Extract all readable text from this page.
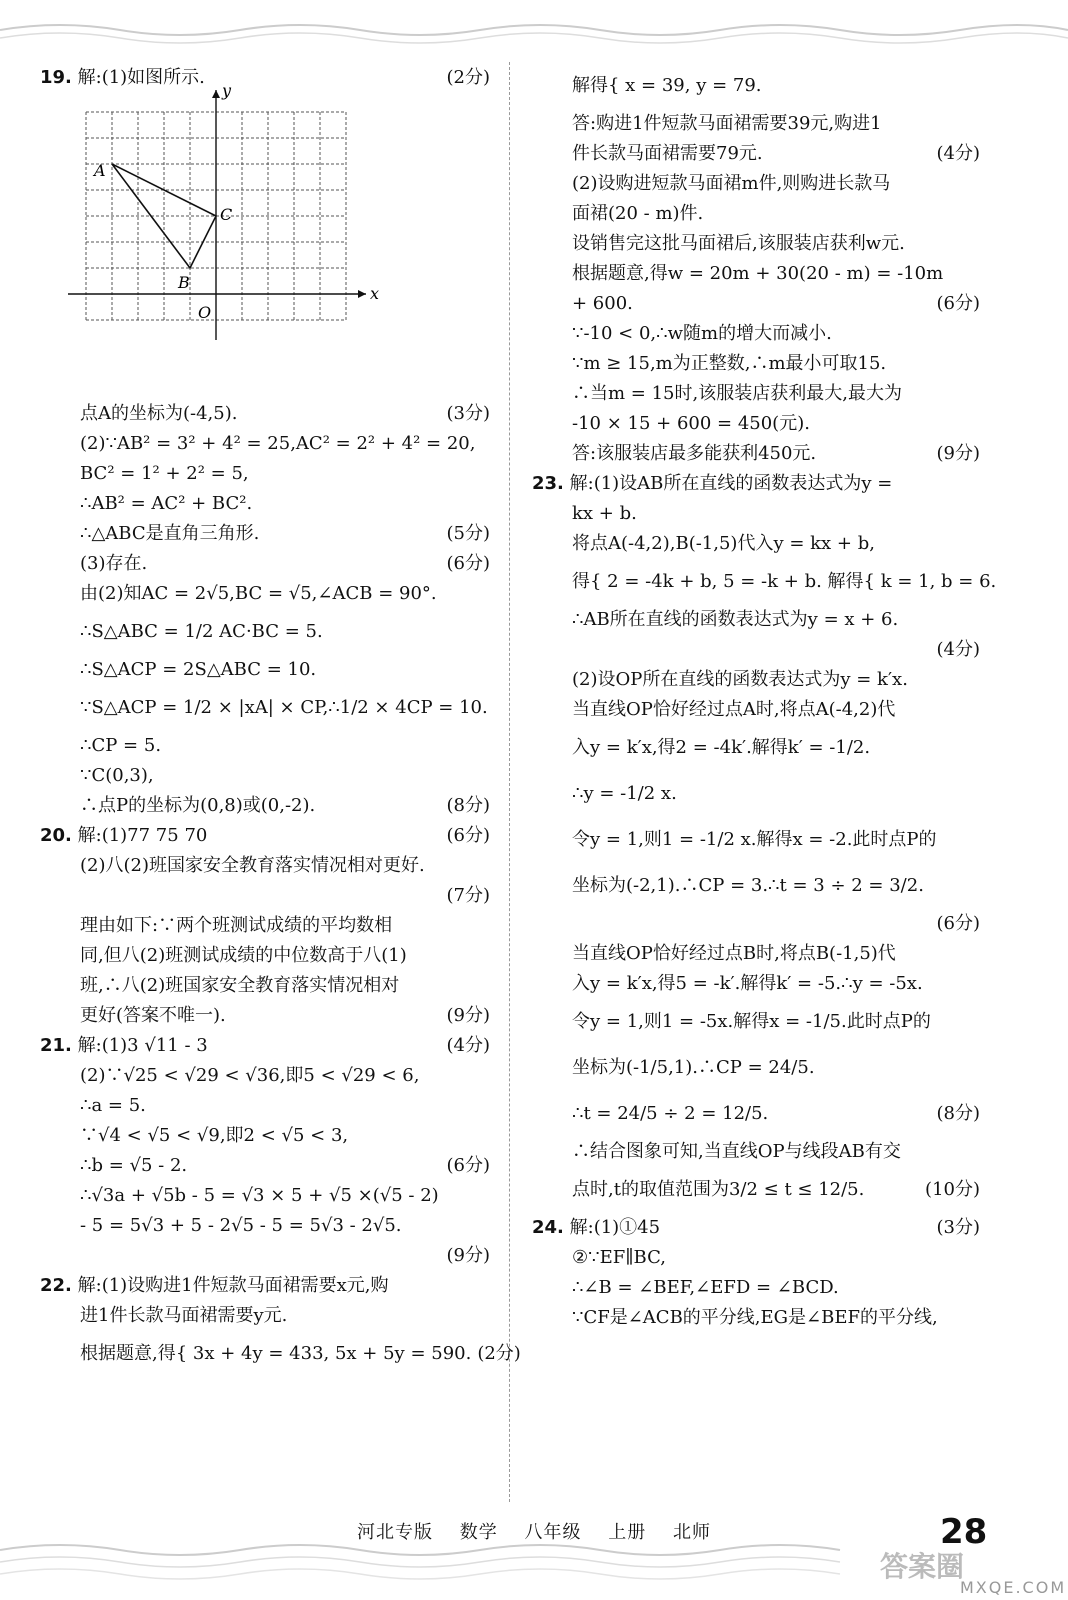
19. 解:(1)如图所示.	(2分)
x
y
O
A
B
C
点A的坐标为(-4,5).	(3分)
(2)∵AB² = 3² + 4² = 25,AC² = 2² + 4² = 20,
BC² = 1² + 2² = 5,
∴AB² = AC² + BC².
∴△ABC是直角三角形.	(5分)
(3)存在.	(6分)
由(2)知AC = 2√5,BC = √5,∠ACB = 90°.
∴S△ABC = 1/2 AC·BC = 5.
∴S△ACP = 2S△ABC = 10.
∵S△ACP = 1/2 × |xA| × CP,∴1/2 × 4CP = 10.
∴CP = 5.
∵C(0,3),
∴点P的坐标为(0,8)或(0,-2).	(8分)
20. 解:(1)77 75 70	(6分)
(2)八(2)班国家安全教育落实情况相对更好.
(7分)
理由如下:∵两个班测试成绩的平均数相
同,但八(2)班测试成绩的中位数高于八(1)
班,∴八(2)班国家安全教育落实情况相对
更好(答案不唯一).	(9分)
21. 解:(1)3 √11 - 3	(4分)
(2)∵√25 < √29 < √36,即5 < √29 < 6,
∴a = 5.
∵√4 < √5 < √9,即2 < √5 < 3,
∴b = √5 - 2.	(6分)
∴√3a + √5b - 5 = √3 × 5 + √5 ×(√5 - 2)
- 5 = 5√3 + 5 - 2√5 - 5 = 5√3 - 2√5.
(9分)
22. 解:(1)设购进1件短款马面裙需要x元,购
进1件长款马面裙需要y元.
根据题意,得{ 3x + 4y = 433, 5x + 5y = 590. (2分)
解得{ x = 39, y = 79.
答:购进1件短款马面裙需要39元,购进1
件长款马面裙需要79元.	(4分)
(2)设购进短款马面裙m件,则购进长款马
面裙(20 - m)件.
设销售完这批马面裙后,该服装店获利w元.
根据题意,得w = 20m + 30(20 - m) = -10m
+ 600.	(6分)
∵-10 < 0,∴w随m的增大而减小.
∵m ≥ 15,m为正整数,∴m最小可取15.
∴当m = 15时,该服装店获利最大,最大为
-10 × 15 + 600 = 450(元).
答:该服装店最多能获利450元.	(9分)
23. 解:(1)设AB所在直线的函数表达式为y =
kx + b.
将点A(-4,2),B(-1,5)代入y = kx + b,
得{ 2 = -4k + b, 5 = -k + b. 解得{ k = 1, b = 6.
∴AB所在直线的函数表达式为y = x + 6.
(4分)
(2)设OP所在直线的函数表达式为y = k′x.
当直线OP恰好经过点A时,将点A(-4,2)代
入y = k′x,得2 = -4k′.解得k′ = -1/2.
∴y = -1/2 x.
令y = 1,则1 = -1/2 x.解得x = -2.此时点P的
坐标为(-2,1).∴CP = 3.∴t = 3 ÷ 2 = 3/2.
(6分)
当直线OP恰好经过点B时,将点B(-1,5)代
入y = k′x,得5 = -k′.解得k′ = -5.∴y = -5x.
令y = 1,则1 = -5x.解得x = -1/5.此时点P的
坐标为(-1/5,1).∴CP = 24/5.
∴t = 24/5 ÷ 2 = 12/5.	(8分)
∴结合图象可知,当直线OP与线段AB有交
点时,t的取值范围为3/2 ≤ t ≤ 12/5.	(10分)
24. 解:(1)①45	(3分)
②∵EF∥BC,
∴∠B = ∠BEF,∠EFD = ∠BCD.
∵CF是∠ACB的平分线,EG是∠BEF的平分线,
河北专版 数学 八年级 上册 北师	28
答案圈
MXQE.COM
